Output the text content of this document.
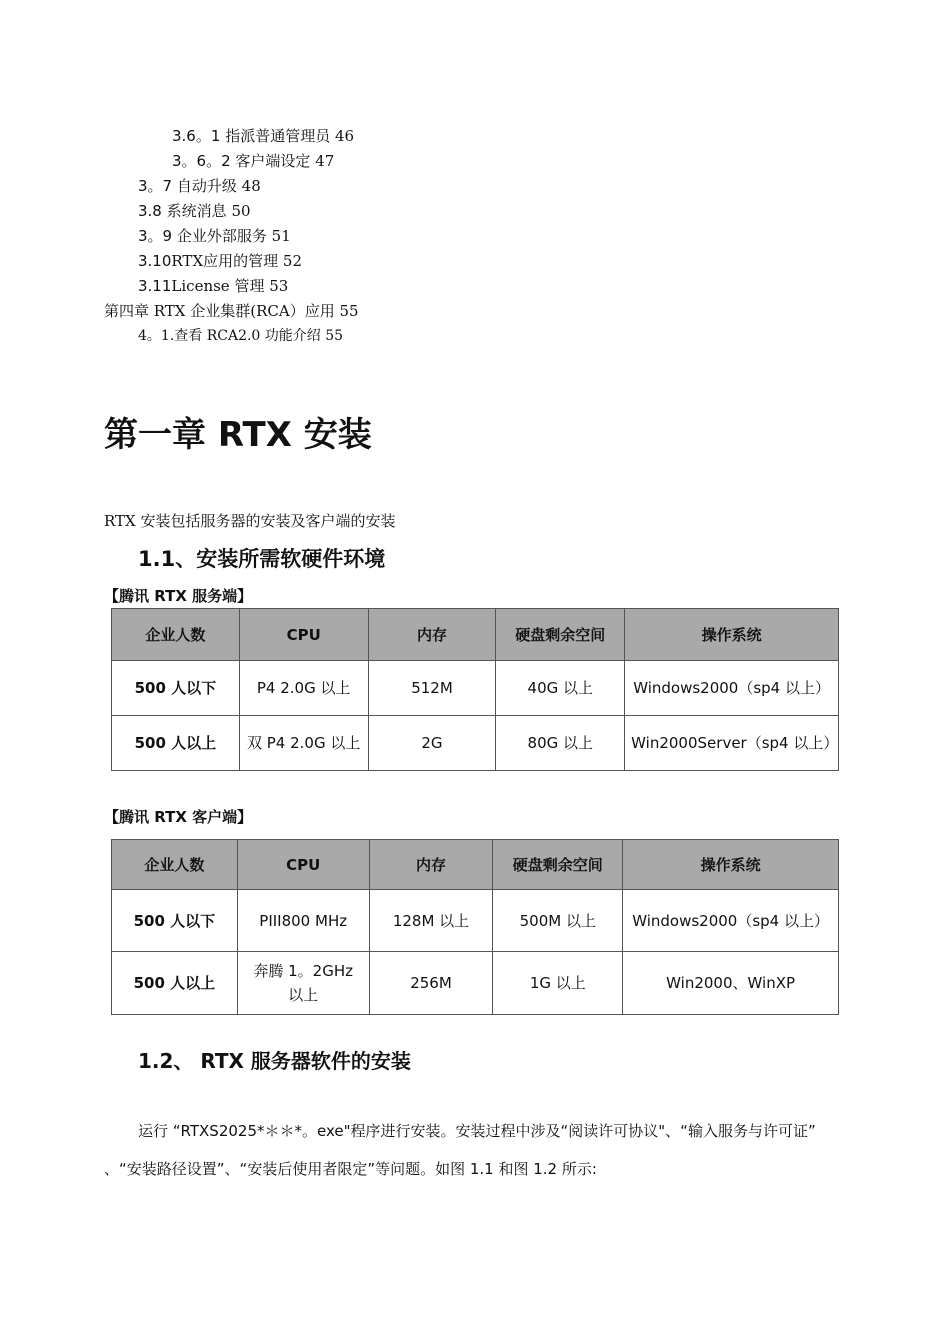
3.6。1 指派普通管理员 46
3。6。2 客户端设定 47
3。7 自动升级 48
3.8 系统消息 50
3。9 企业外部服务 51
3.10RTX应用的管理 52
3.11License 管理 53
第四章 RTX 企业集群(RCA）应用 55
4。1.查看 RCA2.0 功能介绍 55
第一章 RTX 安装
RTX 安装包括服务器的安装及客户端的安装
1.1、安装所需软硬件环境
【腾讯 RTX 服务端】
企业人数	CPU	内存	硬盘剩余空间	操作系统
500 人以下	P4 2.0G 以上	512M	40G 以上	Windows2000（sp4 以上）
500 人以上	双 P4 2.0G 以上	2G	80G 以上	Win2000Server（sp4 以上）
【腾讯 RTX 客户端】
企业人数	CPU	内存	硬盘剩余空间	操作系统
500 人以下	PIII800 MHz	128M 以上	500M 以上	Windows2000（sp4 以上）
500 人以上	奔腾 1。2GHz 以上	256M	1G 以上	Win2000、WinXP
1.2、 RTX 服务器软件的安装
运行 “RTXS2025*＊＊*。exe"程序进行安装。安装过程中涉及“阅读许可协议"、“输入服务与许可证” 、“安装路径设置”、“安装后使用者限定”等问题。如图 1.1 和图 1.2 所示:
